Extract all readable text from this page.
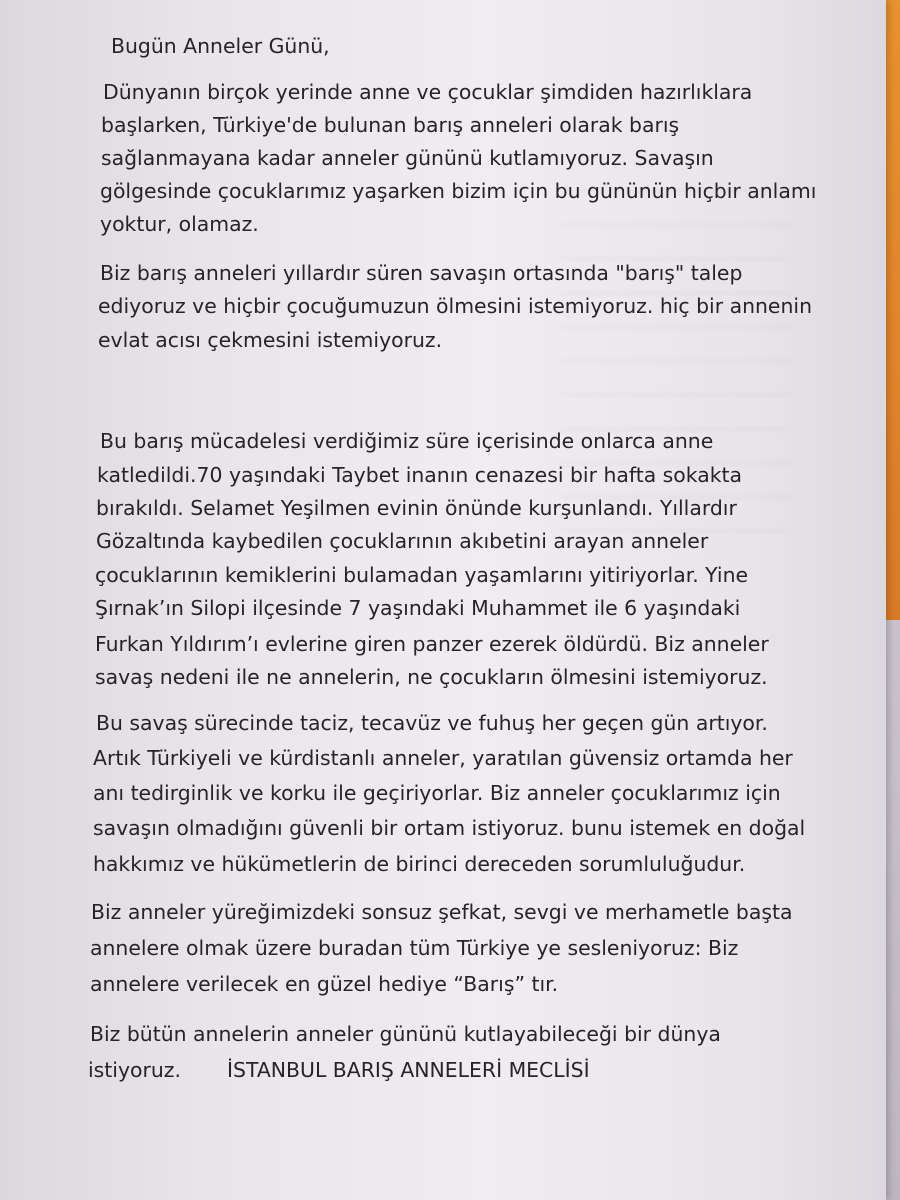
Bugün Anneler Günü,
Dünyanın birçok yerinde anne ve çocuklar şimdiden hazırlıklara
başlarken, Türkiye'de bulunan barış anneleri olarak barış
sağlanmayana kadar anneler gününü kutlamıyoruz. Savaşın
gölgesinde çocuklarımız yaşarken bizim için bu gününün hiçbir anlamı
yoktur, olamaz.
Biz barış anneleri yıllardır süren savaşın ortasında "barış" talep
ediyoruz ve hiçbir çocuğumuzun ölmesini istemiyoruz. hiç bir annenin
evlat acısı çekmesini istemiyoruz.
Bu barış mücadelesi verdiğimiz süre içerisinde onlarca anne
katledildi.70 yaşındaki Taybet inanın cenazesi bir hafta sokakta
bırakıldı. Selamet Yeşilmen evinin önünde kurşunlandı. Yıllardır
Gözaltında kaybedilen çocuklarının akıbetini arayan anneler
çocuklarının kemiklerini bulamadan yaşamlarını yitiriyorlar. Yine
Şırnak’ın Silopi ilçesinde 7 yaşındaki Muhammet ile 6 yaşındaki
Furkan Yıldırım’ı evlerine giren panzer ezerek öldürdü. Biz anneler
savaş nedeni ile ne annelerin, ne çocukların ölmesini istemiyoruz.
Bu savaş sürecinde taciz, tecavüz ve fuhuş her geçen gün artıyor.
Artık Türkiyeli ve kürdistanlı anneler, yaratılan güvensiz ortamda her
anı tedirginlik ve korku ile geçiriyorlar. Biz anneler çocuklarımız için
savaşın olmadığını güvenli bir ortam istiyoruz. bunu istemek en doğal
hakkımız ve hükümetlerin de birinci dereceden sorumluluğudur.
Biz anneler yüreğimizdeki sonsuz şefkat, sevgi ve merhametle başta
annelere olmak üzere buradan tüm Türkiye ye sesleniyoruz: Biz
annelere verilecek en güzel hediye “Barış” tır.
Biz bütün annelerin anneler gününü kutlayabileceği bir dünya
istiyoruz. İSTANBUL BARIŞ ANNELERİ MECLİSİ
